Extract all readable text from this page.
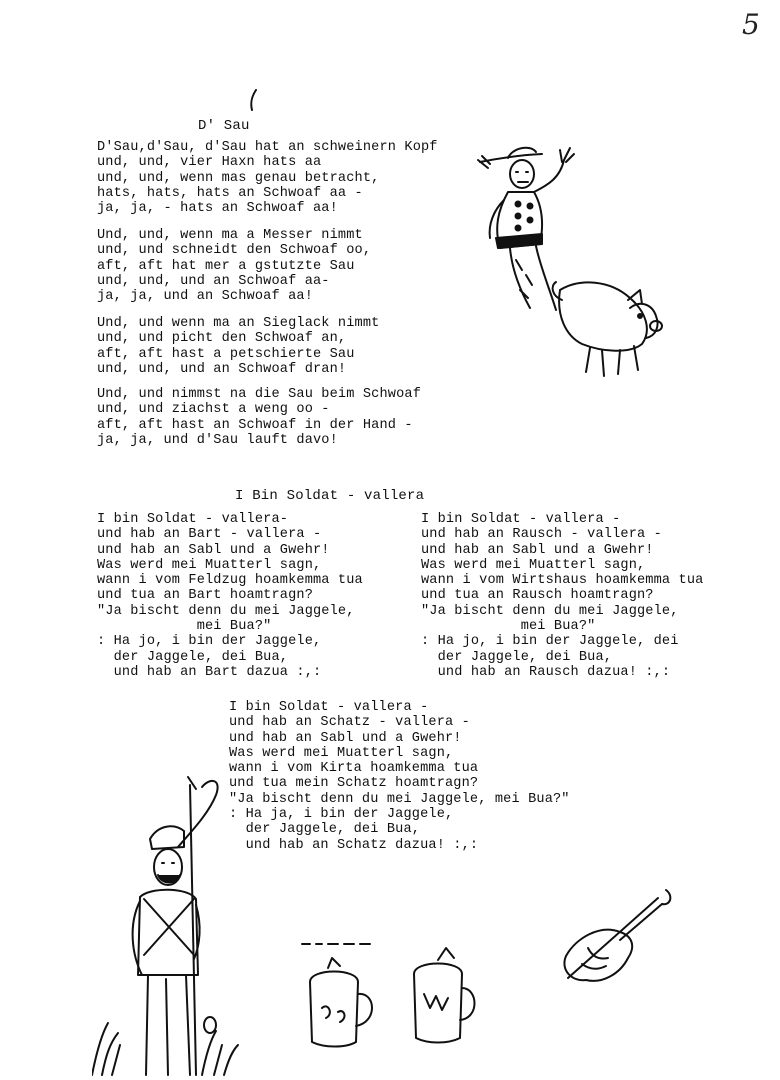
5
D' Sau
D'Sau,d'Sau, d'Sau hat an schweinern Kopf
und, und, vier Haxn hats aa
und, und, wenn mas genau betracht,
hats, hats, hats an Schwoaf aa -
ja, ja, - hats an Schwoaf aa!
Und, und, wenn ma a Messer nimmt
und, und schneidt den Schwoaf oo,
aft, aft hat mer a gstutzte Sau
und, und, und an Schwoaf aa-
ja, ja, und an Schwoaf aa!
Und, und wenn ma an Sieglack nimmt
und, und picht den Schwoaf an,
aft, aft hast a petschierte Sau
und, und, und an Schwoaf dran!
Und, und nimmst na die Sau beim Schwoaf
und, und ziachst a weng oo -
aft, aft hast an Schwoaf in der Hand -
ja, ja, und d'Sau lauft davo!
I Bin Soldat - vallera
I bin Soldat - vallera-
und hab an Bart - vallera -
und hab an Sabl und a Gwehr!
Was werd mei Muatterl sagn,
wann i vom Feldzug hoamkemma tua
und tua an Bart hoamtragn?
"Ja bischt denn du mei Jaggele,
mei Bua?"
: Ha jo, i bin der Jaggele,
der Jaggele, dei Bua,
und hab an Bart dazua :,:
I bin Soldat - vallera -
und hab an Rausch - vallera -
und hab an Sabl und a Gwehr!
Was werd mei Muatterl sagn,
wann i vom Wirtshaus hoamkemma tua
und tua an Rausch hoamtragn?
"Ja bischt denn du mei Jaggele,
mei Bua?"
: Ha jo, i bin der Jaggele, dei
der Jaggele, dei Bua,
und hab an Rausch dazua! :,:
I bin Soldat - vallera -
und hab an Schatz - vallera -
und hab an Sabl und a Gwehr!
Was werd mei Muatterl sagn,
wann i vom Kirta hoamkemma tua
und tua mein Schatz hoamtragn?
"Ja bischt denn du mei Jaggele, mei Bua?"
: Ha ja, i bin der Jaggele,
der Jaggele, dei Bua,
und hab an Schatz dazua! :,:
